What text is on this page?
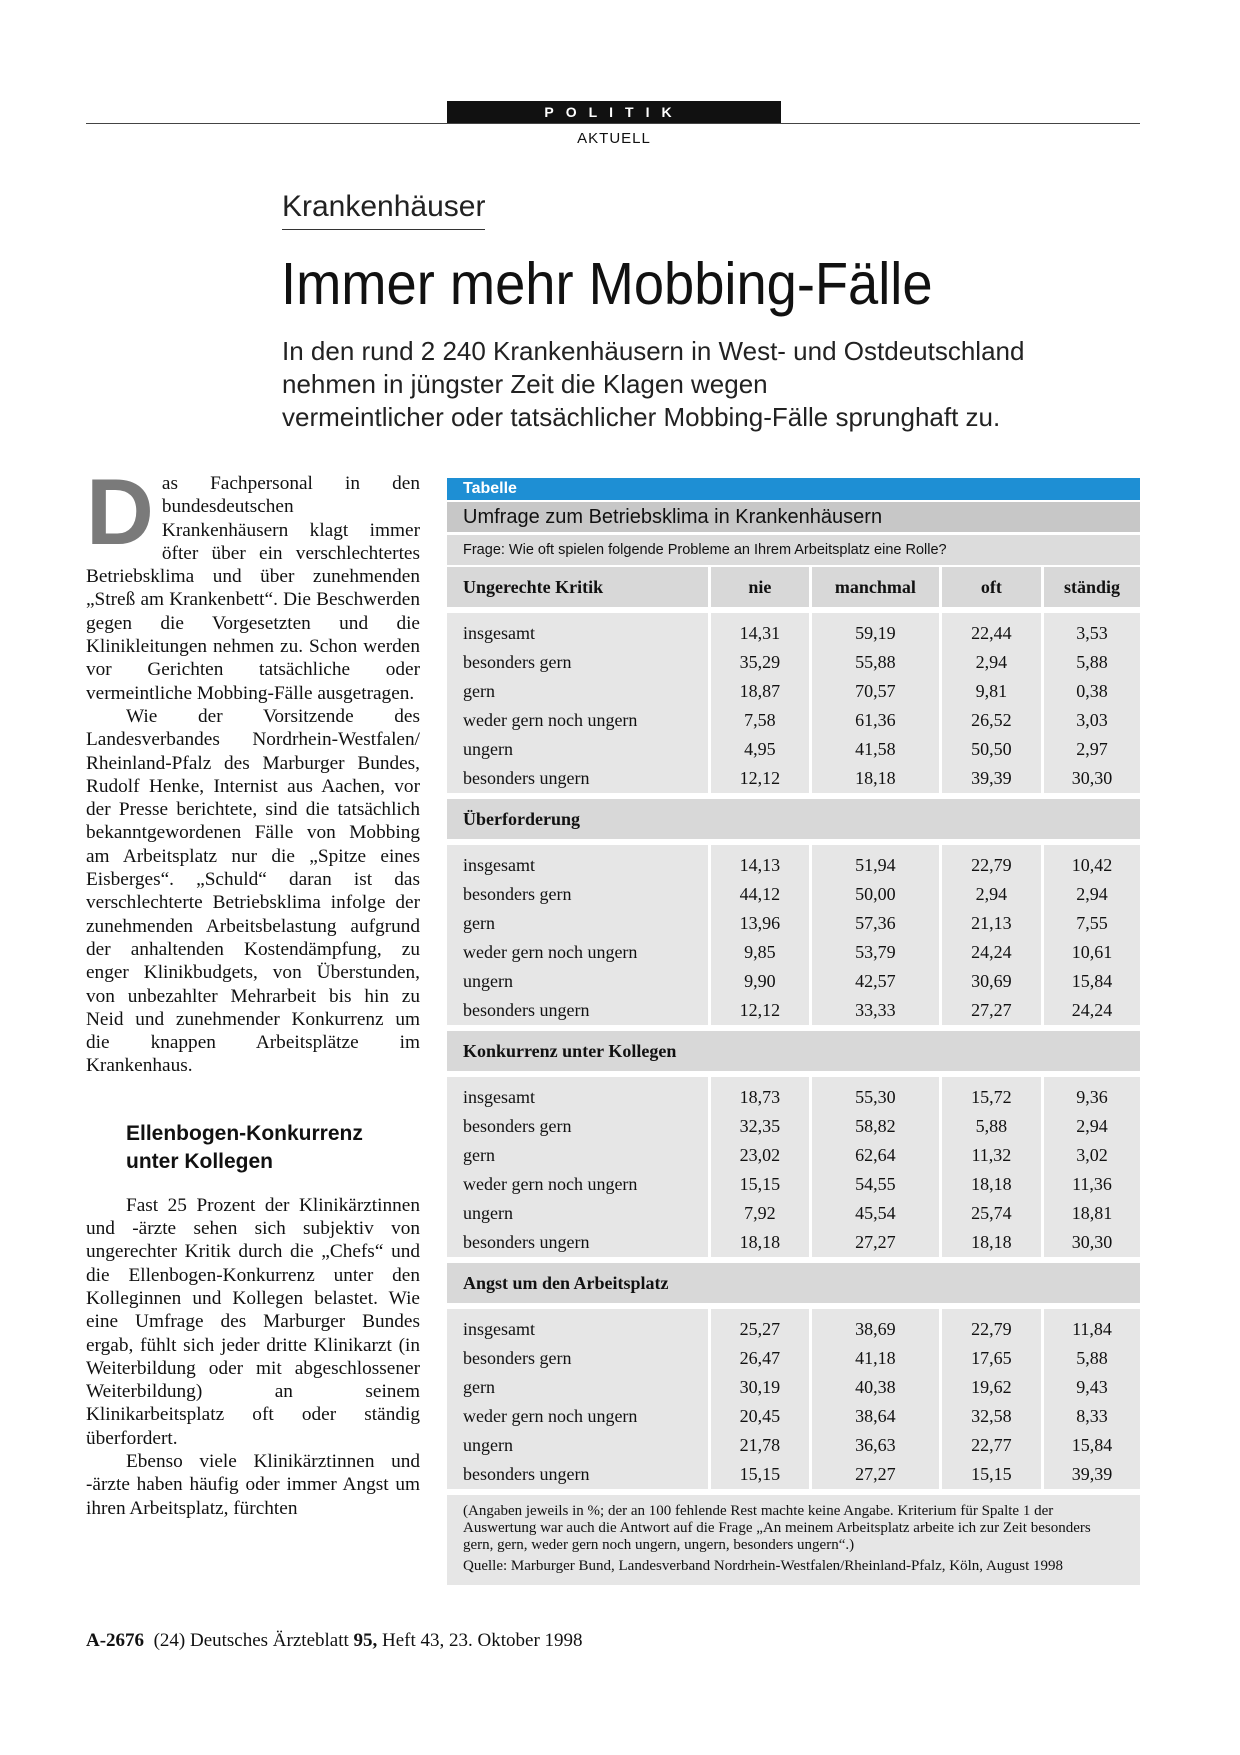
POLITIK
AKTUELL
Krankenhäuser
Immer mehr Mobbing-Fälle
In den rund 2 240 Krankenhäusern in West- und Ostdeutschland
nehmen in jüngster Zeit die Klagen wegen
vermeintlicher oder tatsächlicher Mobbing-Fälle sprunghaft zu.

Das Fachpersonal in den bundesdeutschen Krankenhäusern klagt immer öfter über ein verschlechtertes Betriebsklima und über zunehmenden „Streß am Krankenbett“. Die Beschwerden gegen die Vorgesetzten und die Klinikleitungen nehmen zu. Schon werden vor Gerichten tatsächliche oder vermeintliche Mobbing-Fälle ausgetragen.

Wie der Vorsitzende des Landesverbandes Nordrhein-Westfalen/ Rheinland-Pfalz des Marburger Bundes, Rudolf Henke, Internist aus Aachen, vor der Presse berichtete, sind die tatsächlich bekanntgewordenen Fälle von Mobbing am Arbeitsplatz nur die „Spitze eines Eisberges“. „Schuld“ daran ist das verschlechterte Betriebsklima infolge der zunehmenden Arbeitsbelastung aufgrund der anhaltenden Kostendämpfung, zu enger Klinikbudgets, von Überstunden, von unbezahlter Mehrarbeit bis hin zu Neid und zunehmender Konkurrenz um die knappen Arbeitsplätze im Krankenhaus.

Ellenbogen-Konkurrenz unter Kollegen

Fast 25 Prozent der Klinikärztinnen und -ärzte sehen sich subjektiv von ungerechter Kritik durch die „Chefs“ und die Ellenbogen-Konkurrenz unter den Kolleginnen und Kollegen belastet. Wie eine Umfrage des Marburger Bundes ergab, fühlt sich jeder dritte Klinikarzt (in Weiterbildung oder mit abgeschlossener Weiterbildung) an seinem Klinikarbeitsplatz oft oder ständig überfordert.

Ebenso viele Klinikärztinnen und -ärzte haben häufig oder immer Angst um ihren Arbeitsplatz, fürchten

Tabelle
Umfrage zum Betriebsklima in Krankenhäusern
Frage: Wie oft spielen folgende Probleme an Ihrem Arbeitsplatz eine Rolle?
Ungerechte Kritik	nie	manchmal	oft	ständig

insgesamt	14,31	59,19	22,44	3,53
besonders gern	35,29	55,88	2,94	5,88
gern	18,87	70,57	9,81	0,38
weder gern noch ungern	7,58	61,36	26,52	3,03
ungern	4,95	41,58	50,50	2,97
besonders ungern	12,12	18,18	39,39	30,30

Überforderung				

insgesamt	14,13	51,94	22,79	10,42
besonders gern	44,12	50,00	2,94	2,94
gern	13,96	57,36	21,13	7,55
weder gern noch ungern	9,85	53,79	24,24	10,61
ungern	9,90	42,57	30,69	15,84
besonders ungern	12,12	33,33	27,27	24,24

Konkurrenz unter Kollegen				

insgesamt	18,73	55,30	15,72	9,36
besonders gern	32,35	58,82	5,88	2,94
gern	23,02	62,64	11,32	3,02
weder gern noch ungern	15,15	54,55	18,18	11,36
ungern	7,92	45,54	25,74	18,81
besonders ungern	18,18	27,27	18,18	30,30

Angst um den Arbeitsplatz				

insgesamt	25,27	38,69	22,79	11,84
besonders gern	26,47	41,18	17,65	5,88
gern	30,19	40,38	19,62	9,43
weder gern noch ungern	20,45	38,64	32,58	8,33
ungern	21,78	36,63	22,77	15,84
besonders ungern	15,15	27,27	15,15	39,39

(Angaben jeweils in %; der an 100 fehlende Rest machte keine Angabe. Kriterium für Spalte 1 der Auswertung war auch die Antwort auf die Frage „An meinem Arbeitsplatz arbeite ich zur Zeit besonders gern, gern, weder gern noch ungern, ungern, besonders ungern“.)

Quelle: Marburger Bund, Landesverband Nordrhein-Westfalen/Rheinland-Pfalz, Köln, August 1998

A-2676 (24) Deutsches Ärzteblatt 95, Heft 43, 23. Oktober 1998
